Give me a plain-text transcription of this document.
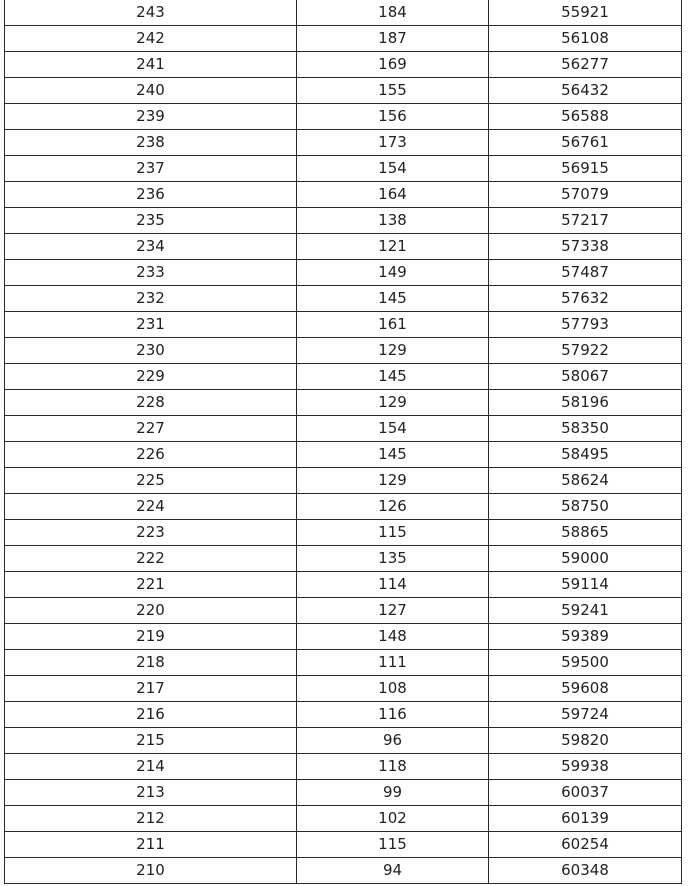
243	184	55921
242	187	56108
241	169	56277
240	155	56432
239	156	56588
238	173	56761
237	154	56915
236	164	57079
235	138	57217
234	121	57338
233	149	57487
232	145	57632
231	161	57793
230	129	57922
229	145	58067
228	129	58196
227	154	58350
226	145	58495
225	129	58624
224	126	58750
223	115	58865
222	135	59000
221	114	59114
220	127	59241
219	148	59389
218	111	59500
217	108	59608
216	116	59724
215	96	59820
214	118	59938
213	99	60037
212	102	60139
211	115	60254
210	94	60348
